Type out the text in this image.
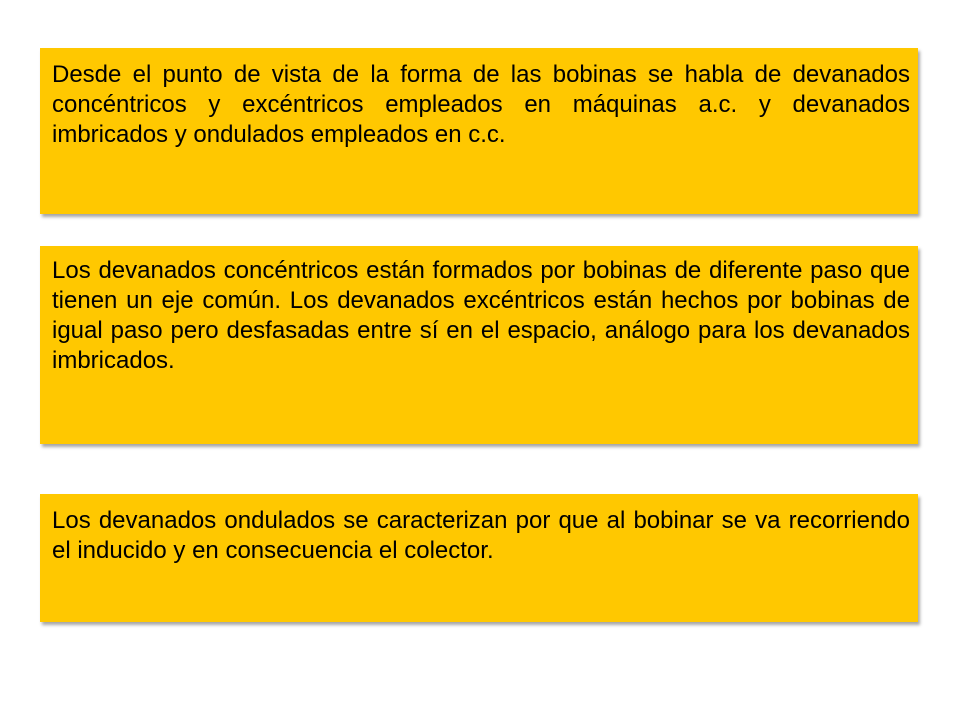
Desde el punto de vista de la forma de las bobinas se habla de devanados concéntricos y excéntricos empleados en máquinas a.c. y devanados imbricados y ondulados empleados en c.c.
Los devanados concéntricos están formados por bobinas de diferente paso que tienen un eje común. Los devanados excéntricos están hechos por bobinas de igual paso pero desfasadas entre sí en el espacio, análogo para los devanados imbricados.
Los devanados ondulados se caracterizan por que al bobinar se va recorriendo el inducido y en consecuencia el colector.
